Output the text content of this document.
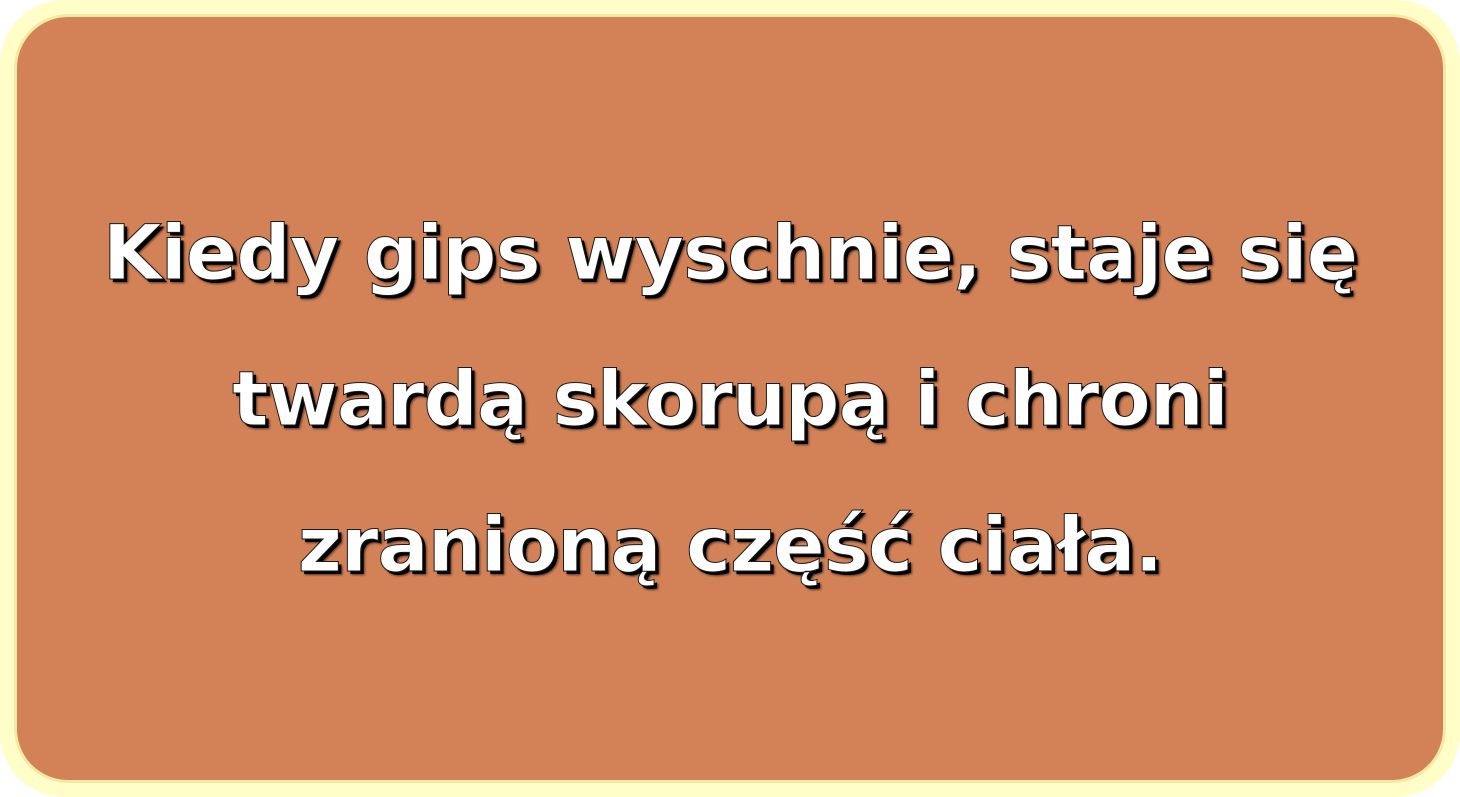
Kiedy gips wyschnie, staje się
twardą skorupą i chroni
zranioną część ciała.
